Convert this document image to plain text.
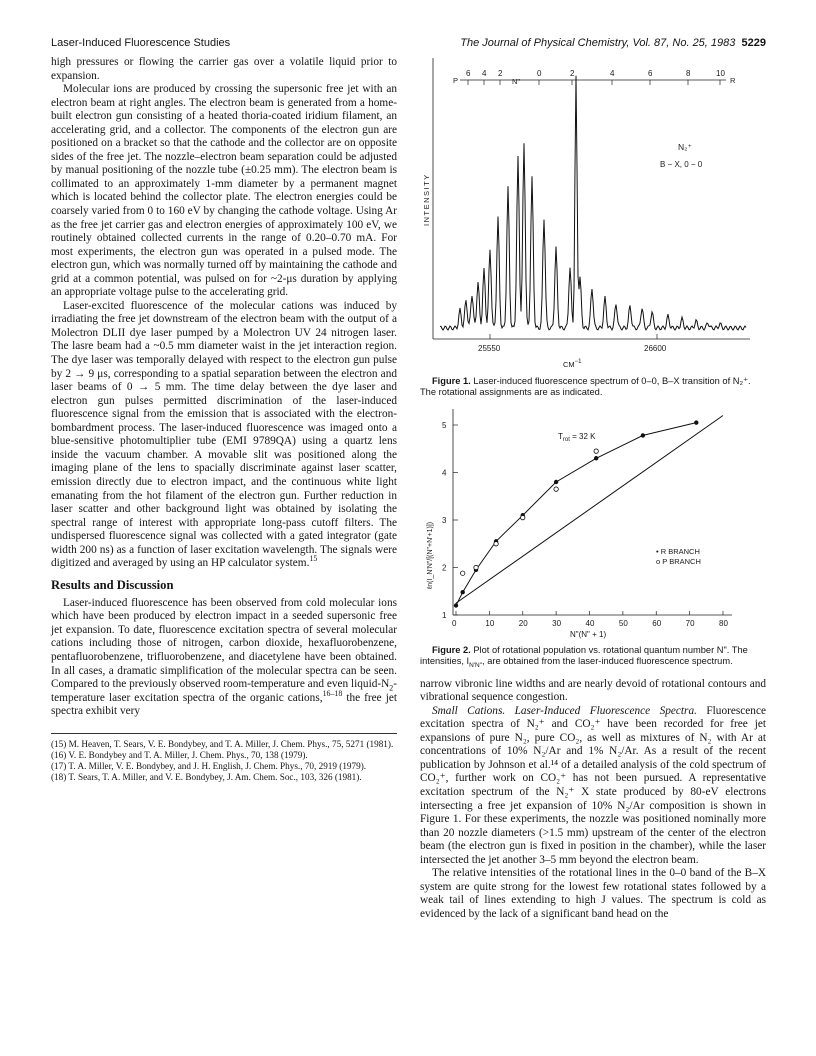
Laser-Induced Fluorescence Studies	The Journal of Physical Chemistry, Vol. 87, No. 25, 1983 5229

high pressures or flowing the carrier gas over a volatile liquid prior to expansion.

Molecular ions are produced by crossing the supersonic free jet with an electron beam at right angles. The electron beam is generated from a home-built electron gun consisting of a heated thoria-coated iridium filament, an accelerating grid, and a collector. The components of the electron gun are positioned on a bracket so that the cathode and the collector are on opposite sides of the free jet. The nozzle–electron beam separation could be adjusted by manual positioning of the nozzle tube (±0.25 mm). The electron beam is collimated to an approximately 1-mm diameter by a permanent magnet which is located behind the collector plate. The electron energies could be coarsely varied from 0 to 160 eV by changing the cathode voltage. Using Ar as the free jet carrier gas and electron energies of approximately 100 eV, we routinely obtained collected currents in the range of 0.20–0.70 mA. For most experiments, the electron gun was operated in a pulsed mode. The electron gun, which was normally turned off by maintaining the cathode and grid at a common potential, was pulsed on for ~2-μs duration by applying an appropriate voltage pulse to the accelerating grid.

Laser-excited fluorescence of the molecular cations was induced by irradiating the free jet downstream of the electron beam with the output of a Molectron DLII dye laser pumped by a Molectron UV 24 nitrogen laser. The lasre beam had a ~0.5 mm diameter waist in the jet interaction region. The dye laser was temporally delayed with respect to the electron gun pulse by 2 → 9 μs, corresponding to a spatial separation between the electron and laser beams of 0 → 5 mm. The time delay between the dye laser and electron gun pulses permitted discrimination of the laser-induced fluorescence signal from the emission that is associated with the electron-bombardment process. The laser-induced fluorescence was imaged onto a blue-sensitive photomultiplier tube (EMI 9789QA) using a quartz lens inside the vacuum chamber. A movable slit was positioned along the imaging plane of the lens to spacially discriminate against laser scatter, emission directly due to electron impact, and the continuous white light emanating from the hot filament of the electron gun. Further reduction in laser scatter and other background light was obtained by isolating the spectral range of interest with appropriate long-pass cutoff filters. The undispersed fluorescence signal was collected with a gated integrator (gate width 200 ns) as a function of laser excitation wavelength. The signals were digitized and averaged by using an HP calculator system.$^{15}$

Results and Discussion

Laser-induced fluorescence has been observed from cold molecular ions which have been produced by electron impact in a seeded supersonic free jet expansion. To date, fluorescence excitation spectra of several molecular cations including those of nitrogen, carbon dioxide, hexafluorobenzene, pentafluorobenzene, trifluorobenzene, and diacetylene have been obtained. In all cases, a dramatic simplification of the molecular spectra can be seen. Compared to the previously observed room-temperature and even liquid-$N_2$-temperature laser excitation spectra of the organic cations,$^{16-18}$ the free jet spectra exhibit very

(15) M. Heaven, T. Sears, V. E. Bondybey, and T. A. Miller, J. Chem. Phys., 75, 5271 (1981).

(16) V. E. Bondybey and T. A. Miller, J. Chem. Phys., 70, 138 (1979).

(17) T. A. Miller, V. E. Bondybey, and J. H. English, J. Chem. Phys., 70, 2919 (1979).

(18) T. Sears, T. A. Miller, and V. E. Bondybey, J. Am. Chem. Soc., 103, 326 (1981).

P
6 4 2
N"
0	2	4	6	8	10
R
INTENSITY
N₂⁺
B − X, 0 − 0
25550	26600
$CM^{-1}$

Figure 1. Laser-induced fluorescence spectrum of 0–0, B–X transition of N₂⁺. The rotational assignments are as indicated.

0	10	20	30	40	50	60	70	80
1
2
3
4
5
ℓn(I_N'N"/[(N"+N'+1)])
N"(N" + 1)
$T_{rot} = 32$ K
• R BRANCH
o P BRANCH

Figure 2. Plot of rotational population vs. rotational quantum number N". The intensities, $I_{N'N"}$, are obtained from the laser-induced fluorescence spectrum.

narrow vibronic line widths and are nearly devoid of rotational contours and vibrational sequence congestion.

Small Cations. Laser-Induced Fluorescence Spectra. Fluorescence excitation spectra of N₂⁺ and CO₂⁺ have been recorded for free jet expansions of pure N₂, pure CO₂, as well as mixtures of N₂ with Ar at concentrations of 10% N₂/Ar and 1% N₂/Ar. As a result of the recent publication by Johnson et al.¹⁴ of a detailed analysis of the cold spectrum of CO₂⁺, further work on CO₂⁺ has not been pursued. A representative excitation spectrum of the N₂⁺ X state produced by 80-eV electrons intersecting a free jet expansion of 10% N₂/Ar composition is shown in Figure 1. For these experiments, the nozzle was positioned nominally more than 20 nozzle diameters (>1.5 mm) upstream of the center of the electron beam (the electron gun is fixed in position in the chamber), while the laser intersected the jet another 3–5 mm beyond the electron beam.

The relative intensities of the rotational lines in the 0–0 band of the B–X system are quite strong for the lowest few rotational states followed by a weak tail of lines extending to high J values. The spectrum is cold as evidenced by the lack of a significant band head on the
